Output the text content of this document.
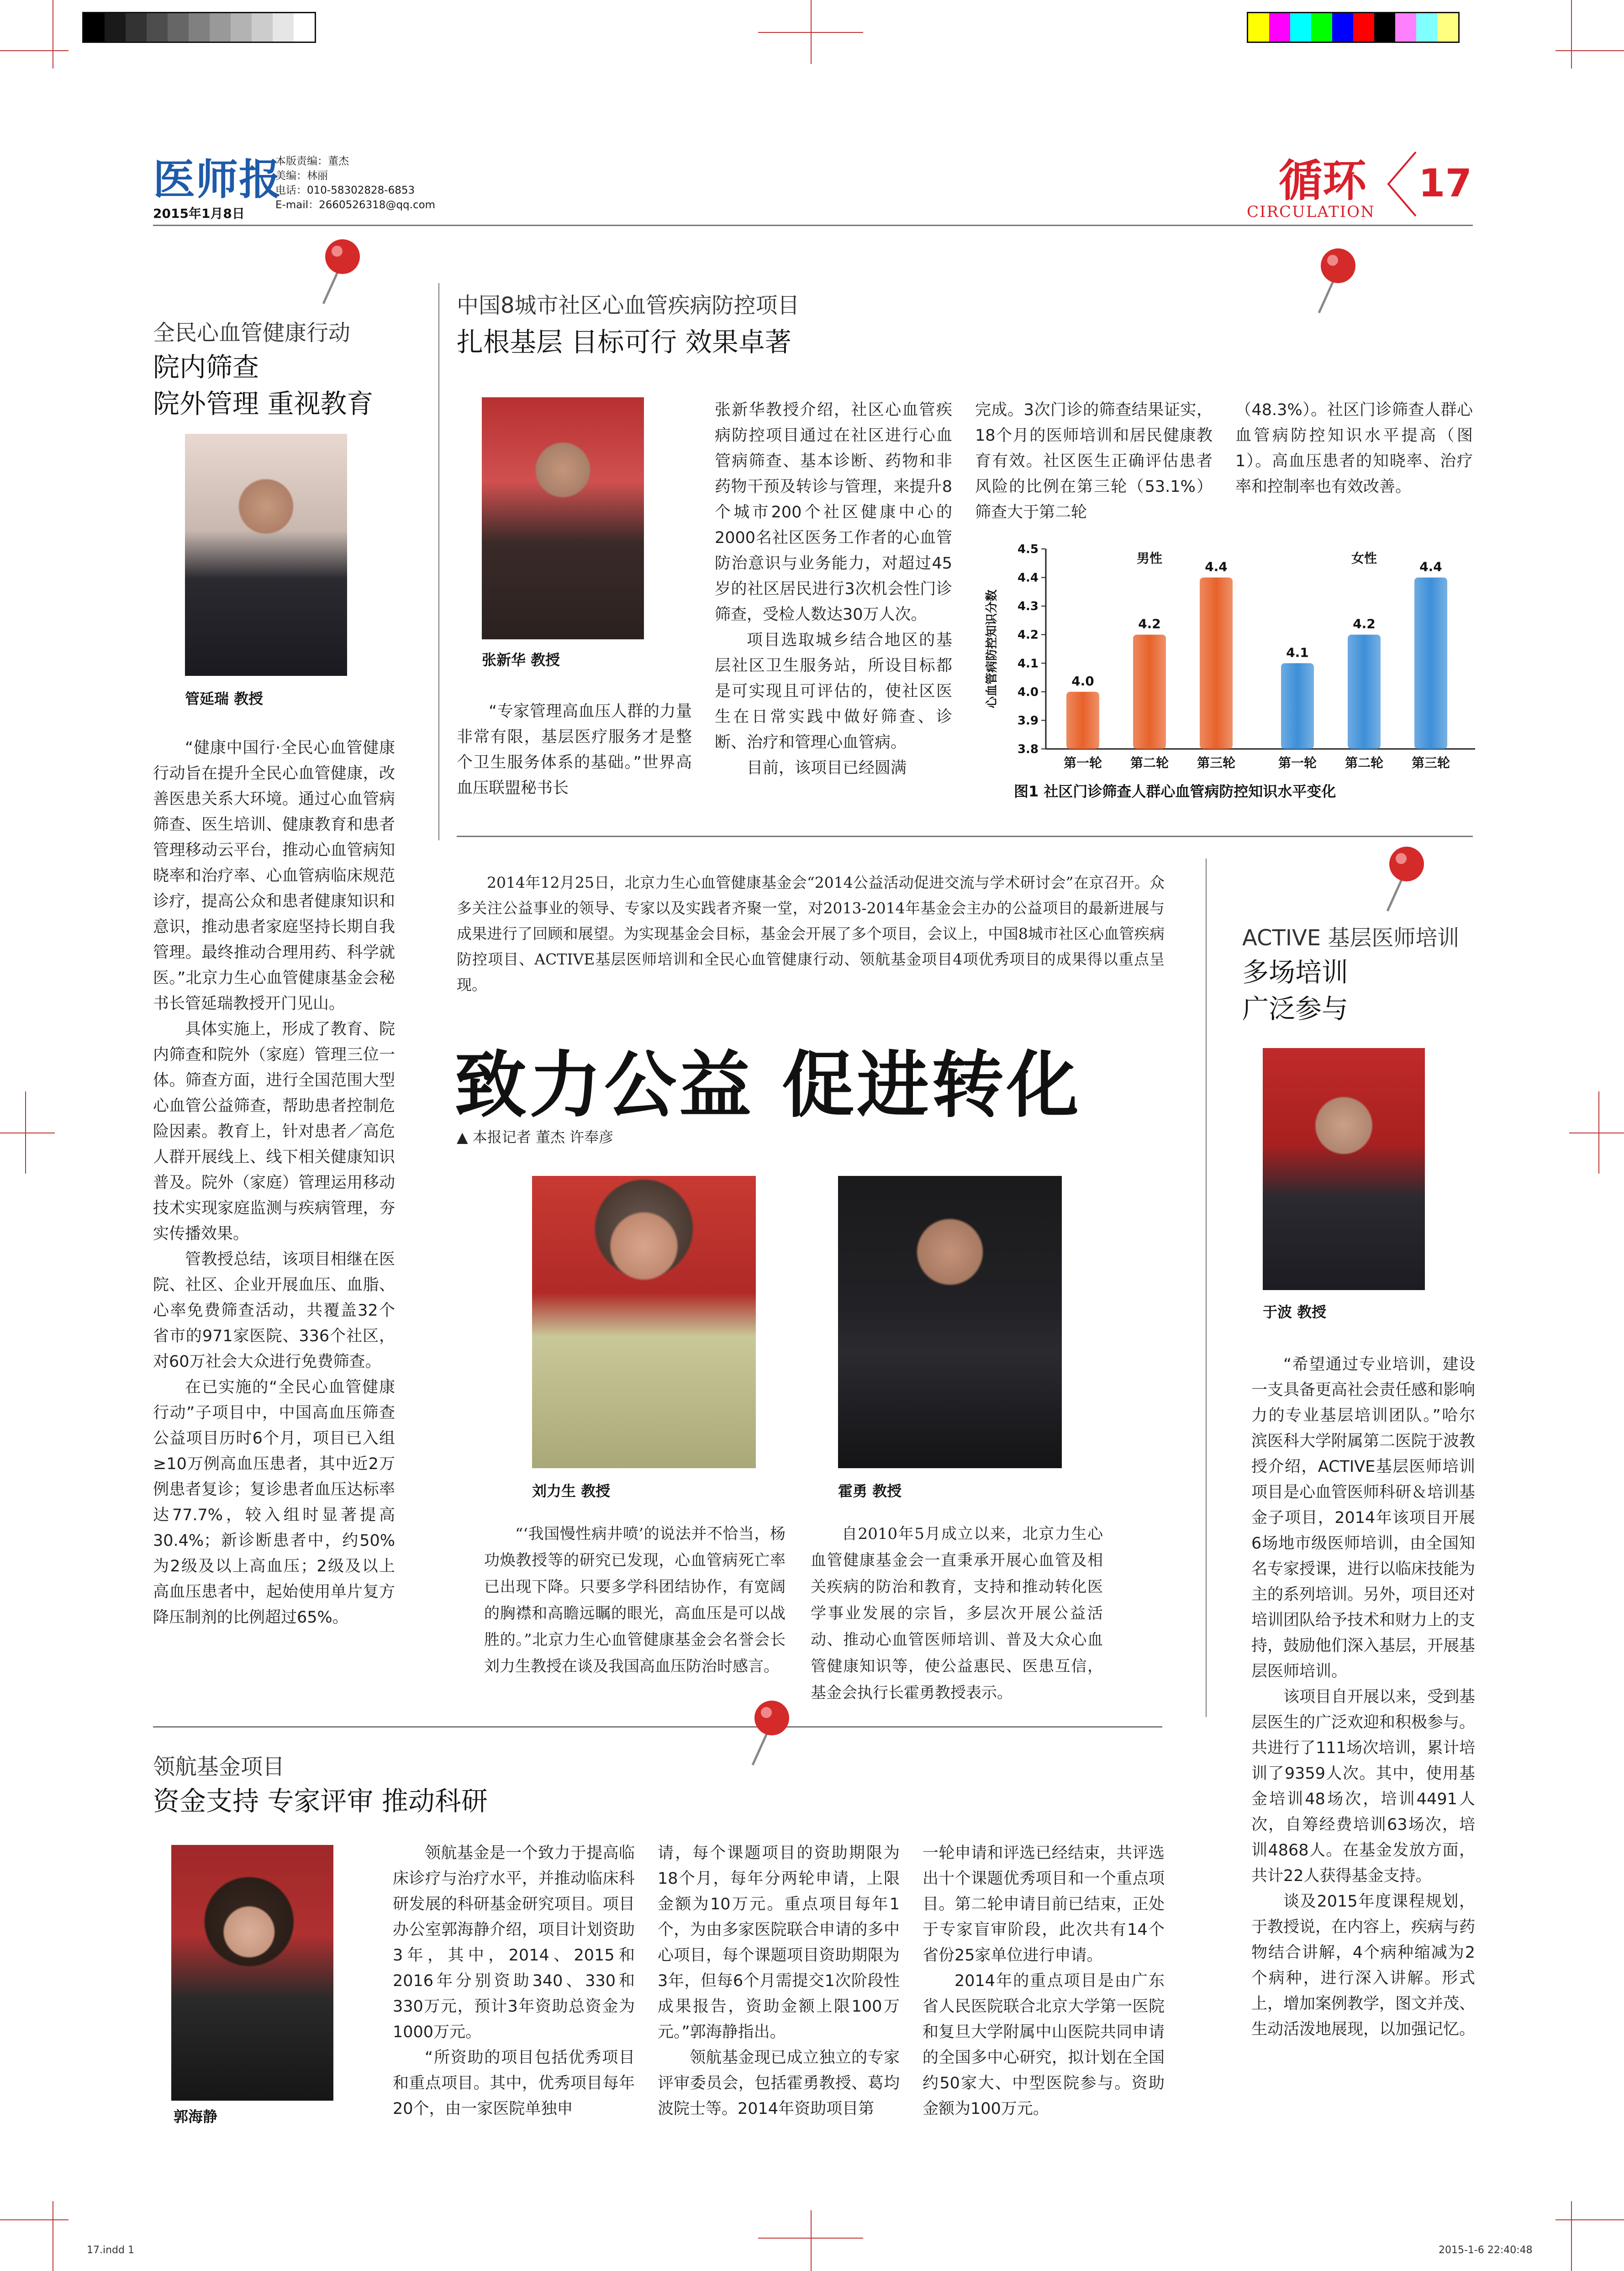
医师报
2015年1月8日
本版责编：董杰
美编：林丽
电话：010-58302828-6853
E-mail：2660526318@qq.com	循环
CIRCULATION
17
全民心血管健康行动
院内筛查
院外管理 重视教育
管延瑞 教授

“健康中国行·全民心血管健康行动旨在提升全民心血管健康，改善医患关系大环境。通过心血管病筛查、医生培训、健康教育和患者管理移动云平台，推动心血管病知晓率和治疗率、心血管病临床规范诊疗，提高公众和患者健康知识和意识，推动患者家庭坚持长期自我管理。最终推动合理用药、科学就医。”北京力生心血管健康基金会秘书长管延瑞教授开门见山。

具体实施上，形成了教育、院内筛查和院外（家庭）管理三位一体。筛查方面，进行全国范围大型心血管公益筛查，帮助患者控制危险因素。教育上，针对患者／高危人群开展线上、线下相关健康知识普及。院外（家庭）管理运用移动技术实现家庭监测与疾病管理，夯实传播效果。

管教授总结，该项目相继在医院、社区、企业开展血压、血脂、心率免费筛查活动，共覆盖32个省市的971家医院、336个社区，对60万社会大众进行免费筛查。

在已实施的“全民心血管健康行动”子项目中，中国高血压筛查公益项目历时6个月，项目已入组≥10万例高血压患者，其中近2万例患者复诊；复诊患者血压达标率达77.7%，较入组时显著提高30.4%；新诊断患者中，约50%为2级及以上高血压；2级及以上高血压患者中，起始使用单片复方降压制剂的比例超过65%。

中国8城市社区心血管疾病防控项目
扎根基层 目标可行 效果卓著
张新华 教授

“专家管理高血压人群的力量非常有限，基层医疗服务才是整个卫生服务体系的基础。”世界高血压联盟秘书长

张新华教授介绍，社区心血管疾病防控项目通过在社区进行心血管病筛查、基本诊断、药物和非药物干预及转诊与管理，来提升8个城市200个社区健康中心的2000名社区医务工作者的心血管防治意识与业务能力，对超过45岁的社区居民进行3次机会性门诊筛查，受检人数达30万人次。

项目选取城乡结合地区的基层社区卫生服务站，所设目标都是可实现且可评估的，使社区医生在日常实践中做好筛查、诊断、治疗和管理心血管病。

目前，该项目已经圆满

完成。3次门诊的筛查结果证实，18个月的医师培训和居民健康教育有效。社区医生正确评估患者风险的比例在第三轮（53.1%）筛查大于第二轮

（48.3%）。社区门诊筛查人群心血管病防控知识水平提高（图1）。高血压患者的知晓率、治疗率和控制率也有效改善。

心血管病防控知识分数
3.8
3.9
4.0
4.1
4.2
4.3
4.4
4.5
男性
4.0
第一轮
4.2
第二轮
4.4
第三轮
女性
4.1
第一轮
4.2
第二轮
4.4
第三轮
图1 社区门诊筛查人群心血管病防控知识水平变化

2014年12月25日，北京力生心血管健康基金会“2014公益活动促进交流与学术研讨会”在京召开。众多关注公益事业的领导、专家以及实践者齐聚一堂，对2013-2014年基金会主办的公益项目的最新进展与成果进行了回顾和展望。为实现基金会目标，基金会开展了多个项目，会议上，中国8城市社区心血管疾病防控项目、ACTIVE基层医师培训和全民心血管健康行动、领航基金项目4项优秀项目的成果得以重点呈现。

致力公益 促进转化
▲ 本报记者 董杰 许奉彦
刘力生 教授	霍勇 教授

“‘我国慢性病井喷’的说法并不恰当，杨功焕教授等的研究已发现，心血管病死亡率已出现下降。只要多学科团结协作，有宽阔的胸襟和高瞻远瞩的眼光，高血压是可以战胜的。”北京力生心血管健康基金会名誉会长刘力生教授在谈及我国高血压防治时感言。

自2010年5月成立以来，北京力生心血管健康基金会一直秉承开展心血管及相关疾病的防治和教育，支持和推动转化医学事业发展的宗旨，多层次开展公益活动、推动心血管医师培训、普及大众心血管健康知识等，使公益惠民、医患互信，基金会执行长霍勇教授表示。

ACTIVE 基层医师培训
多场培训
广泛参与
于波 教授

“希望通过专业培训，建设一支具备更高社会责任感和影响力的专业基层培训团队。”哈尔滨医科大学附属第二医院于波教授介绍，ACTIVE基层医师培训项目是心血管医师科研＆培训基金子项目，2014年该项目开展6场地市级医师培训，由全国知名专家授课，进行以临床技能为主的系列培训。另外，项目还对培训团队给予技术和财力上的支持，鼓励他们深入基层，开展基层医师培训。

该项目自开展以来，受到基层医生的广泛欢迎和积极参与。共进行了111场次培训，累计培训了9359人次。其中，使用基金培训48场次，培训4491人次，自筹经费培训63场次，培训4868人。在基金发放方面，共计22人获得基金支持。

谈及2015年度课程规划，于教授说，在内容上，疾病与药物结合讲解，4个病种缩减为2个病种，进行深入讲解。形式上，增加案例教学，图文并茂、生动活泼地展现，以加强记忆。

领航基金项目
资金支持 专家评审 推动科研
郭海静

领航基金是一个致力于提高临床诊疗与治疗水平，并推动临床科研发展的科研基金研究项目。项目办公室郭海静介绍，项目计划资助3年，其中，2014、2015和2016年分别资助340、330和330万元，预计3年资助总资金为1000万元。

“所资助的项目包括优秀项目和重点项目。其中，优秀项目每年20个，由一家医院单独申

请，每个课题项目的资助期限为18个月，每年分两轮申请，上限金额为10万元。重点项目每年1个，为由多家医院联合申请的多中心项目，每个课题项目资助期限为3年，但每6个月需提交1次阶段性成果报告，资助金额上限100万元。”郭海静指出。

领航基金现已成立独立的专家评审委员会，包括霍勇教授、葛均波院士等。2014年资助项目第

一轮申请和评选已经结束，共评选出十个课题优秀项目和一个重点项目。第二轮申请目前已结束，正处于专家盲审阶段，此次共有14个省份25家单位进行申请。

2014年的重点项目是由广东省人民医院联合北京大学第一医院和复旦大学附属中山医院共同申请的全国多中心研究，拟计划在全国约50家大、中型医院参与。资助金额为100万元。

17.indd 1	2015-1-6 22:40:48
